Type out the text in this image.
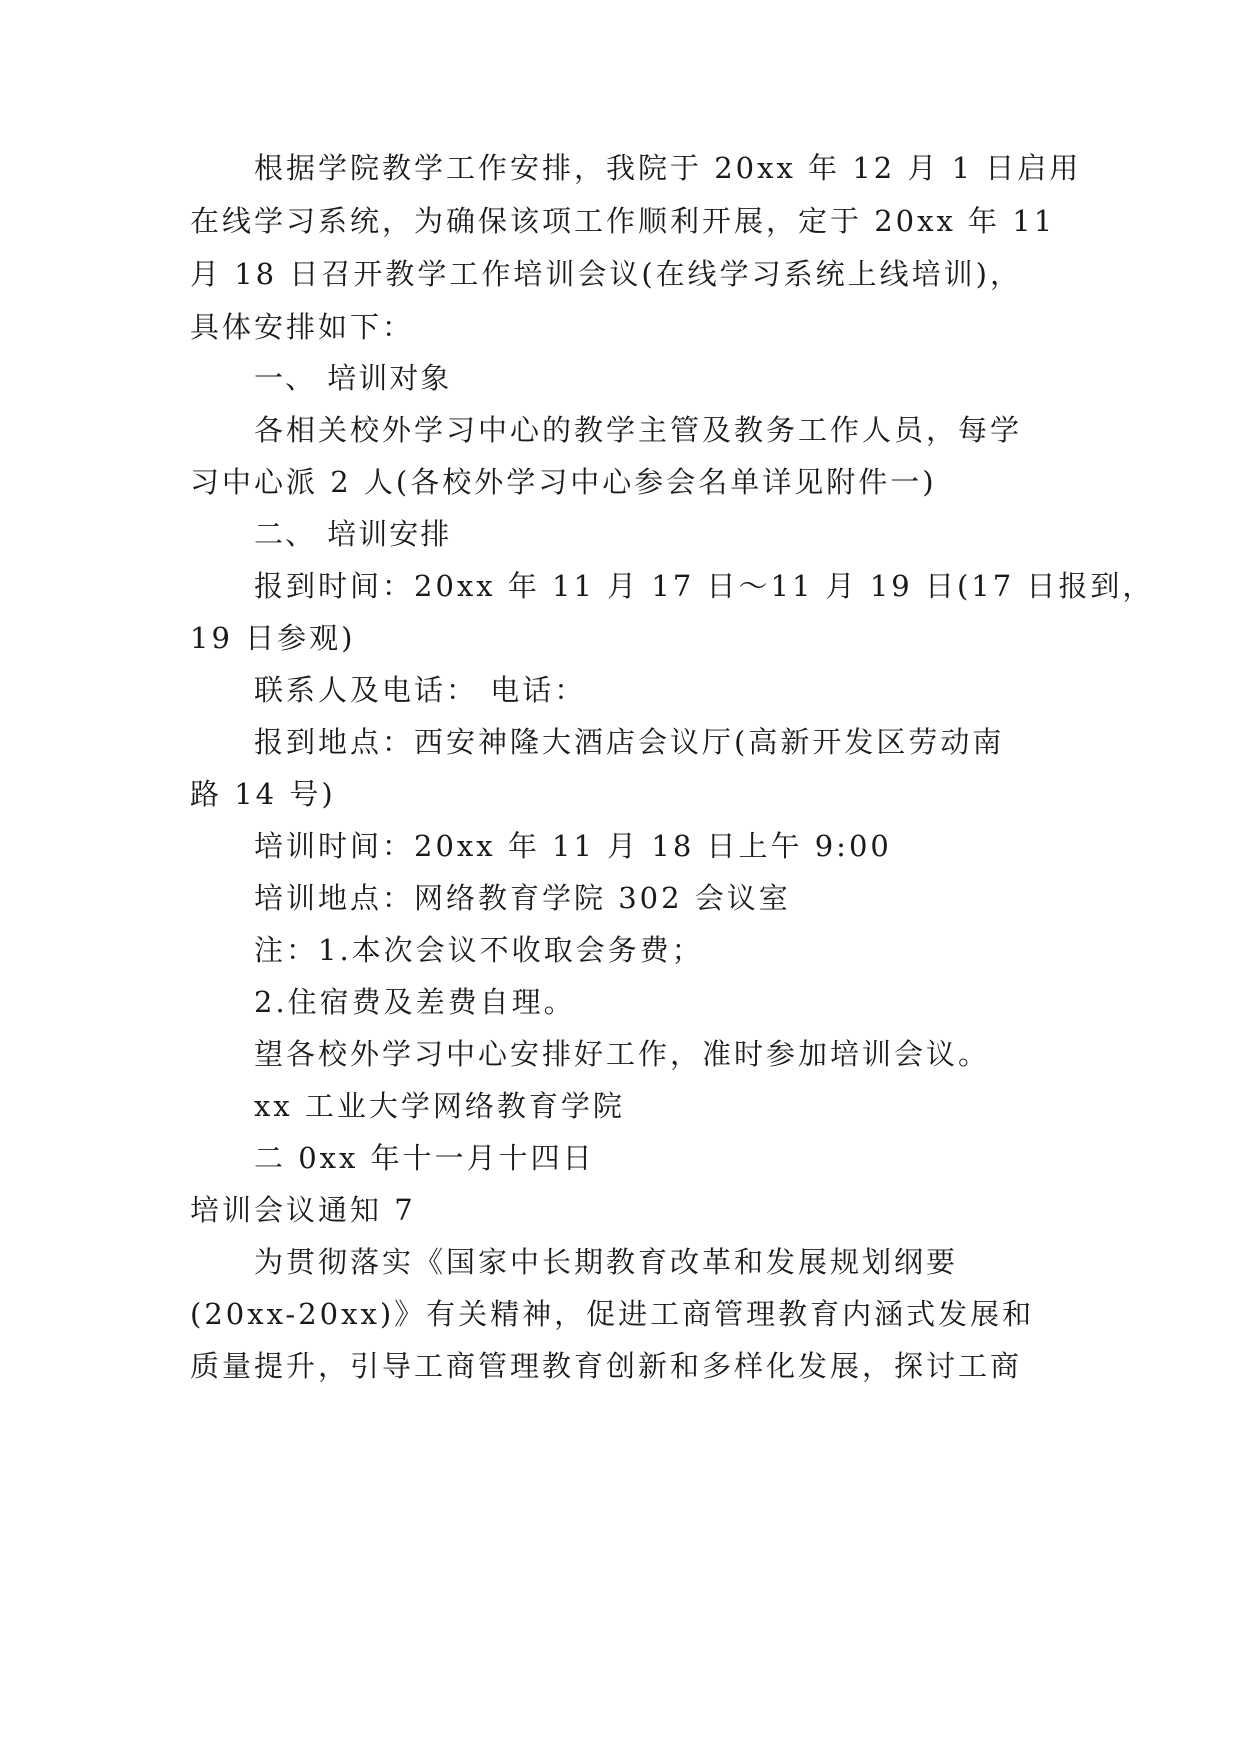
根据学院教学工作安排，我院于 20xx 年 12 月 1 日启用
在线学习系统，为确保该项工作顺利开展，定于 20xx 年 11
月 18 日召开教学工作培训会议(在线学习系统上线培训)，
具体安排如下：
一、 培训对象
各相关校外学习中心的教学主管及教务工作人员，每学
习中心派 2 人(各校外学习中心参会名单详见附件一)
二、 培训安排
报到时间：20xx 年 11 月 17 日～11 月 19 日(17 日报到，
19 日参观)
联系人及电话： 电话：
报到地点：西安神隆大酒店会议厅(高新开发区劳动南
路 14 号)
培训时间：20xx 年 11 月 18 日上午 9:00
培训地点：网络教育学院 302 会议室
注：1.本次会议不收取会务费；
2.住宿费及差费自理。
望各校外学习中心安排好工作，准时参加培训会议。
xx 工业大学网络教育学院
二 0xx 年十一月十四日
培训会议通知 7
为贯彻落实《国家中长期教育改革和发展规划纲要
(20xx-20xx)》有关精神，促进工商管理教育内涵式发展和
质量提升，引导工商管理教育创新和多样化发展，探讨工商
